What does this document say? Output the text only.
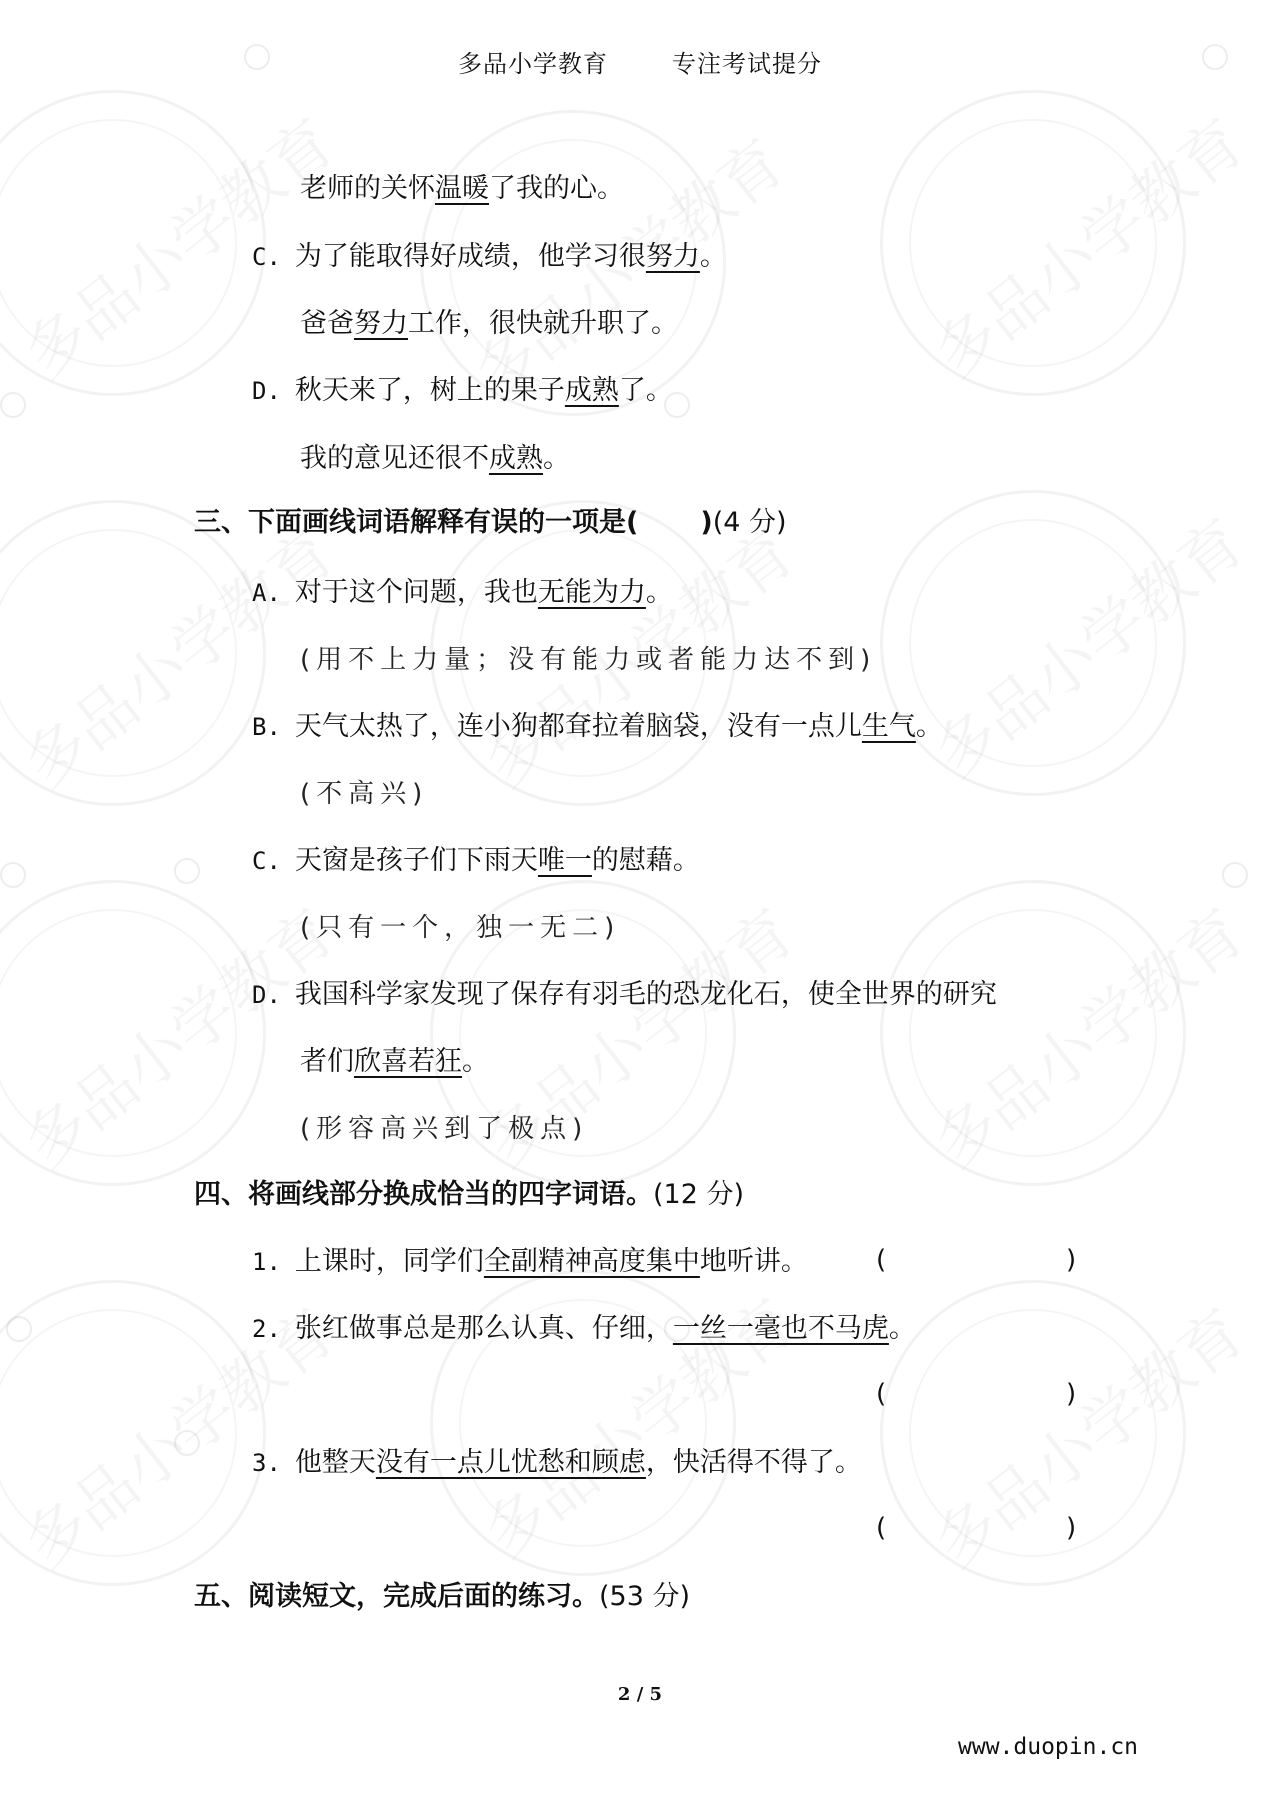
多品小学教育	专注考试提分
老师的关怀温暖了我的心。
C. 为了能取得好成绩，他学习很努力。
爸爸努力工作，很快就升职了。
D. 秋天来了，树上的果子成熟了。
我的意见还很不成熟。
三、下面画线词语解释有误的一项是( )(4 分)
A. 对于这个问题，我也无能为力。
(用不上力量；没有能力或者能力达不到)
B. 天气太热了，连小狗都耷拉着脑袋，没有一点儿生气。
(不高兴)
C. 天窗是孩子们下雨天唯一的慰藉。
(只有一个，独一无二)
D. 我国科学家发现了保存有羽毛的恐龙化石，使全世界的研究
者们欣喜若狂。
(形容高兴到了极点)
四、将画线部分换成恰当的四字词语。(12 分)
1. 上课时，同学们全副精神高度集中地听讲。	(	)
2. 张红做事总是那么认真、仔细，一丝一毫也不马虎。
(	)
3. 他整天没有一点儿忧愁和顾虑，快活得不得了。
(	)
五、阅读短文，完成后面的练习。(53 分)
2 / 5
www.duopin.cn
